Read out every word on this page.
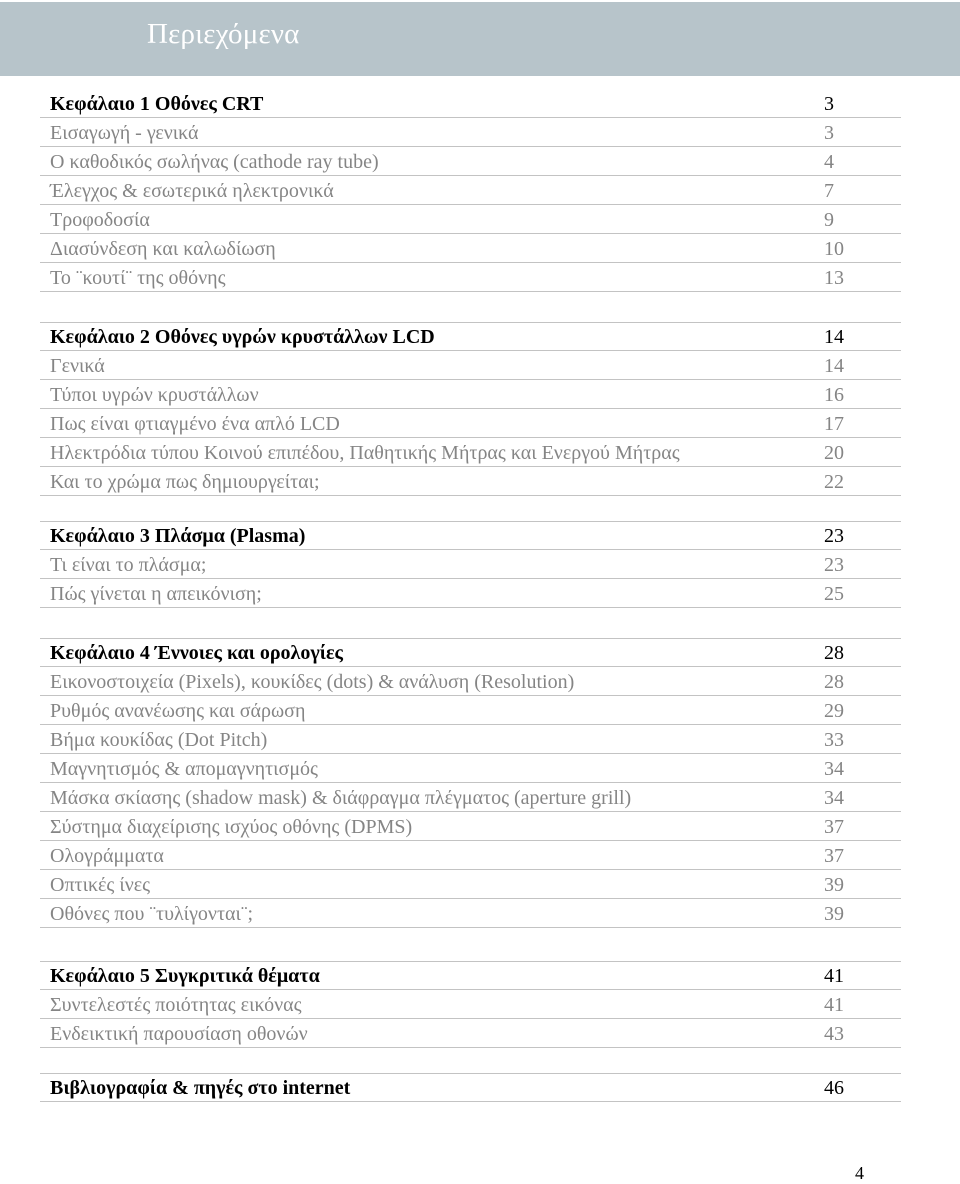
Περιεχόμενα
Κεφάλαιο 1 Οθόνες CRT	3
Εισαγωγή - γενικά	3
Ο καθοδικός σωλήνας (cathode ray tube)	4
Έλεγχος & εσωτερικά ηλεκτρονικά	7
Τροφοδοσία	9
Διασύνδεση και καλωδίωση	10
Το ¨κουτί¨ της οθόνης	13
Κεφάλαιο 2 Οθόνες υγρών κρυστάλλων LCD	14
Γενικά	14
Τύποι υγρών κρυστάλλων	16
Πως είναι φτιαγμένο ένα απλό LCD	17
Ηλεκτρόδια τύπου Κοινού επιπέδου, Παθητικής Μήτρας και Ενεργού Μήτρας	20
Και το χρώμα πως δημιουργείται;	22
Κεφάλαιο 3 Πλάσμα (Plasma)	23
Τι είναι το πλάσμα;	23
Πώς γίνεται η απεικόνιση;	25
Κεφάλαιο 4 Έννοιες και ορολογίες	28
Εικονοστοιχεία (Pixels), κουκίδες (dots) & ανάλυση (Resolution)	28
Ρυθμός ανανέωσης και σάρωση	29
Βήμα κουκίδας (Dot Pitch)	33
Μαγνητισμός & απομαγνητισμός	34
Μάσκα σκίασης (shadow mask) & διάφραγμα πλέγματος (aperture grill)	34
Σύστημα διαχείρισης ισχύος οθόνης (DPMS)	37
Ολογράμματα	37
Οπτικές ίνες	39
Οθόνες που ¨τυλίγονται¨;	39
Κεφάλαιο 5 Συγκριτικά θέματα	41
Συντελεστές ποιότητας εικόνας	41
Ενδεικτική παρουσίαση οθονών	43
Βιβλιογραφία & πηγές στο internet	46
4
